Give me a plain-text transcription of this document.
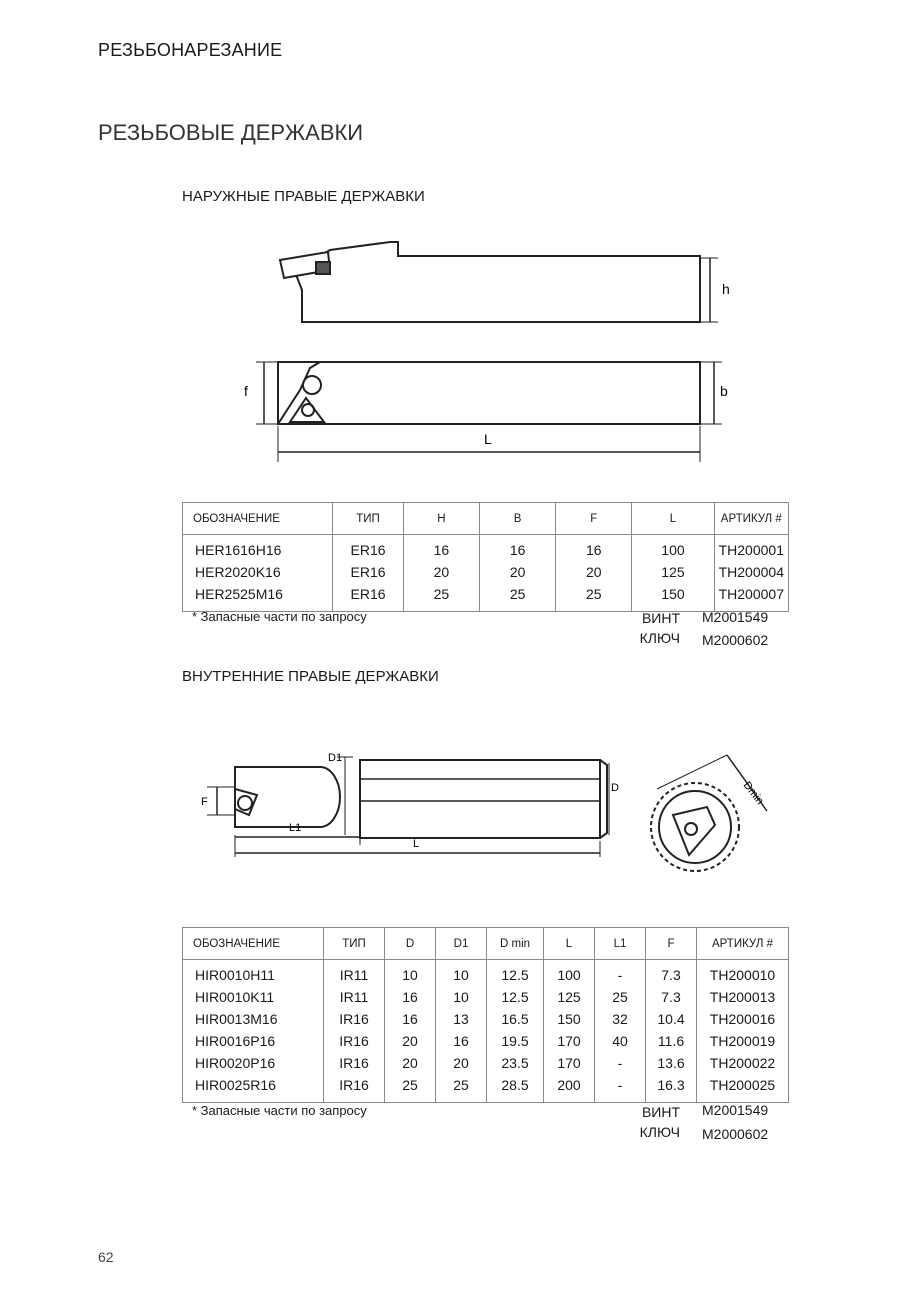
РЕЗЬБОНАРЕЗАНИЕ
РЕЗЬБОВЫЕ ДЕРЖАВКИ
НАРУЖНЫЕ ПРАВЫЕ ДЕРЖАВКИ
h
b
f
L
ОБОЗНАЧЕНИЕ	ТИП	H	B	F	L	АРТИКУЛ #
HER1616H16	ER16	16	16	16	100	TH200001
HER2020K16	ER16	20	20	20	125	TH200004
HER2525M16	ER16	25	25	25	150	TH200007
* Запасные части по запросу	ВИНТ M2001549
КЛЮЧ M2000602
ВНУТРЕННИЕ ПРАВЫЕ ДЕРЖАВКИ
D1
D
F
L1
L
Dmin
ОБОЗНАЧЕНИЕ	ТИП	D	D1	D min	L	L1	F	АРТИКУЛ #
HIR0010H11	IR11	10	10	12.5	100	-	7.3	TH200010
HIR0010K11	IR11	16	10	12.5	125	25	7.3	TH200013
HIR0013M16	IR16	16	13	16.5	150	32	10.4	TH200016
HIR0016P16	IR16	20	16	19.5	170	40	11.6	TH200019
HIR0020P16	IR16	20	20	23.5	170	-	13.6	TH200022
HIR0025R16	IR16	25	25	28.5	200	-	16.3	TH200025
* Запасные части по запросу	ВИНТ M2001549
КЛЮЧ M2000602
62
